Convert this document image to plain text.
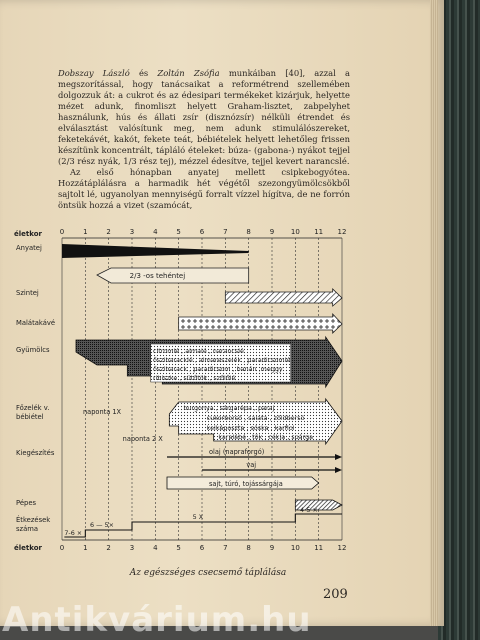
Dobszay László és Zoltán Zsófia munkáiban [40], azzal a megszorítással, hogy tanácsaikat a reformétrend szellemében dolgozzuk át: a cukrot és az édesipari termékeket kizárjuk, helyette mézet adunk, finomliszt helyett Graham-lisztet, zabpelyhet használunk, hús és állati zsír (disznózsír) nélküli étrendet és elválasztást valósítunk meg, nem adunk stimulálószereket, feketekávét, kakót, fekete teát, bébiételek helyett lehetőleg frissen készítünk koncentrált, tápláló ételeket: búza- (gabona-) nyákot tejjel (2/3 rész nyák, 1/3 rész tej), mézzel édesítve, tejjel kevert narancslé.

Az első hónapban anyatej mellett csipkebogyótea. Hozzátáplálásra a harmadik hét végétől szezongyümölcsökből sajtolt lé, ugyanolyan mennyiségű forralt vízzel hígítva, de ne forrón öntsük hozzá a vizet (szamócát,

0	1	2	3	4	5	6	7	8	9 10 11 12
0	1	2	3	4	5	6	7	8	9 10 11 12
életkor
életkor
Anyatej
Szintej
Malátakávé
Gyümölcs
Főzelék v.
bébiétel
Kiegészítés
Pépes
Étkezések
száma
2/3 -os tehéntej
citromlé , almalé , narancslé
őszibaracklé , almareszelék , paradicsomlé
őszibarack , paradicsom , banán ,meggy
ribiszke , sütőtök , szőlőlé
naponta 1X
naponta 2 X
burgonya , sárgarépa , paraj
cukorborsó , saláta , zöldborsó
kelkáposzta , sóska , karfiol
karalábé , tök , cékla , spárga
olaj (napraforgó)
vaj
sajt, túró, tojássárgája
7-6 ×
6 — 5×
5 X
4-5 ×
Az egészséges csecsemő táplálása
209
Antikvárium.hu
